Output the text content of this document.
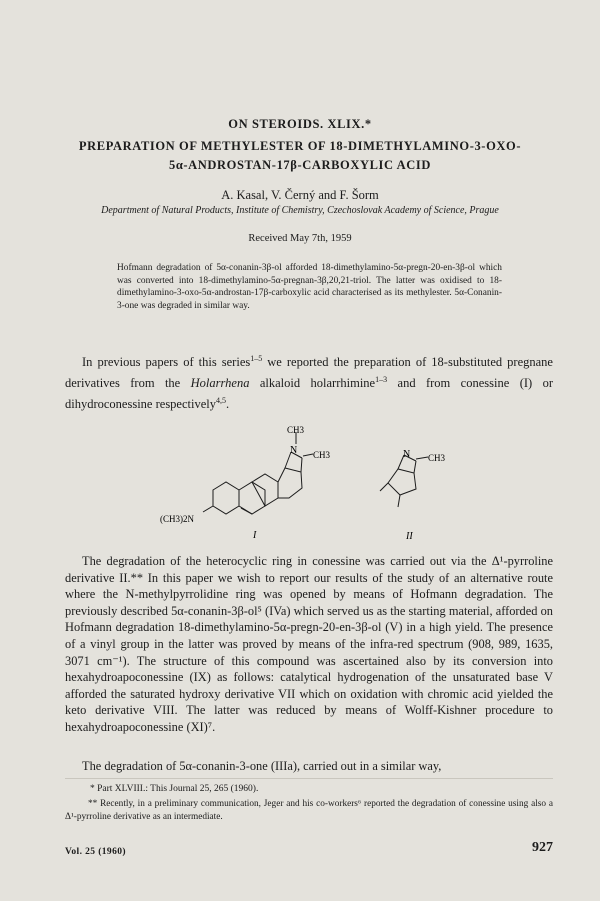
ON STEROIDS. XLIX.*
PREPARATION OF METHYLESTER OF 18-DIMETHYLAMINO-3-OXO-
5α-ANDROSTAN-17β-CARBOXYLIC ACID
A. Kasal, V. Černý and F. Šorm
Department of Natural Products, Institute of Chemistry, Czechoslovak Academy of Science, Prague
Received May 7th, 1959
Hofmann degradation of 5α-conanin-3β-ol afforded 18-dimethylamino-5α-pregn-20-en-3β-ol which was converted into 18-dimethylamino-5α-pregnan-3β,20,21-triol. The latter was oxidised to 18-dimethylamino-3-oxo-5α-androstan-17β-carboxylic acid characterised as its methylester. 5α-Conanin-3-one was degraded in similar way.
In previous papers of this series$^{1-5}$ we reported the preparation of 18-substituted pregnane derivatives from the Holarrhena alkaloid holarrhimine$^{1-3}$ and from conessine (I) or dihydroconessine respectively$^{4,5}$.
CH3
N CH3
(CH3)2N
I
N CH3
II
The degradation of the heterocyclic ring in conessine was carried out via the Δ¹-pyrroline derivative II.** In this paper we wish to report our results of the study of an alternative route where the N-methylpyrrolidine ring was opened by means of Hofmann degradation. The previously described 5α-conanin-3β-ol⁵ (IVa) which served us as the starting material, afforded on Hofmann degradation 18-dimethylamino-5α-pregn-20-en-3β-ol (V) in a high yield. The presence of a vinyl group in the latter was proved by means of the infra-red spectrum (908, 989, 1635, 3071 cm⁻¹). The structure of this compound was ascertained also by its conversion into hexahydroapoconessine (IX) as follows: catalytical hydrogenation of the unsaturated base V afforded the saturated hydroxy derivative VII which on oxidation with chromic acid yielded the keto derivative VIII. The latter was reduced by means of Wolff-Kishner procedure to hexahydroapoconessine (XI)⁷.
The degradation of 5α-conanin-3-one (IIIa), carried out in a similar way,
* Part XLVIII.: This Journal 25, 265 (1960).
** Recently, in a preliminary communication, Jeger and his co-workers⁶ reported the degradation of conessine using also a Δ¹-pyrroline derivative as an intermediate.
Vol. 25 (1960)	927
